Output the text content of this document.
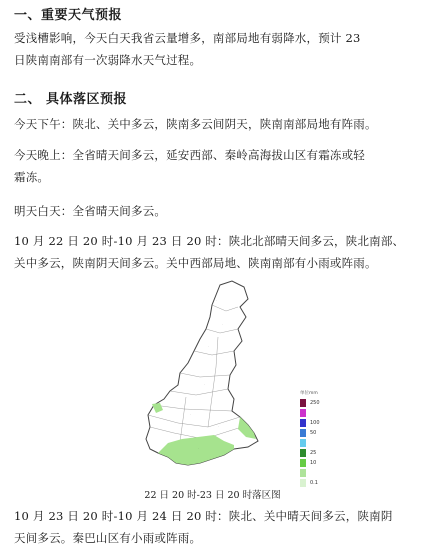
一、重要天气预报
受浅槽影响，今天白天我省云量增多，南部局地有弱降水，预计 23
日陕南南部有一次弱降水天气过程。
二、 具体落区预报
今天下午：陕北、关中多云，陕南多云间阴天，陕南南部局地有阵雨。
今天晚上：全省晴天间多云，延安西部、秦岭高海拔山区有霜冻或轻
霜冻。
明天白天：全省晴天间多云。
10 月 22 日 20 时-10 月 23 日 20 时：陕北北部晴天间多云，陕北南部、
关中多云，陕南阴天间多云。关中西部局地、陕南南部有小雨或阵雨。
·
·
·
·
·
·
·
单位mm
250
100
50
25
10
0.1
22 日 20 时-23 日 20 时落区图
10 月 23 日 20 时-10 月 24 日 20 时：陕北、关中晴天间多云，陕南阴
天间多云。秦巴山区有小雨或阵雨。
